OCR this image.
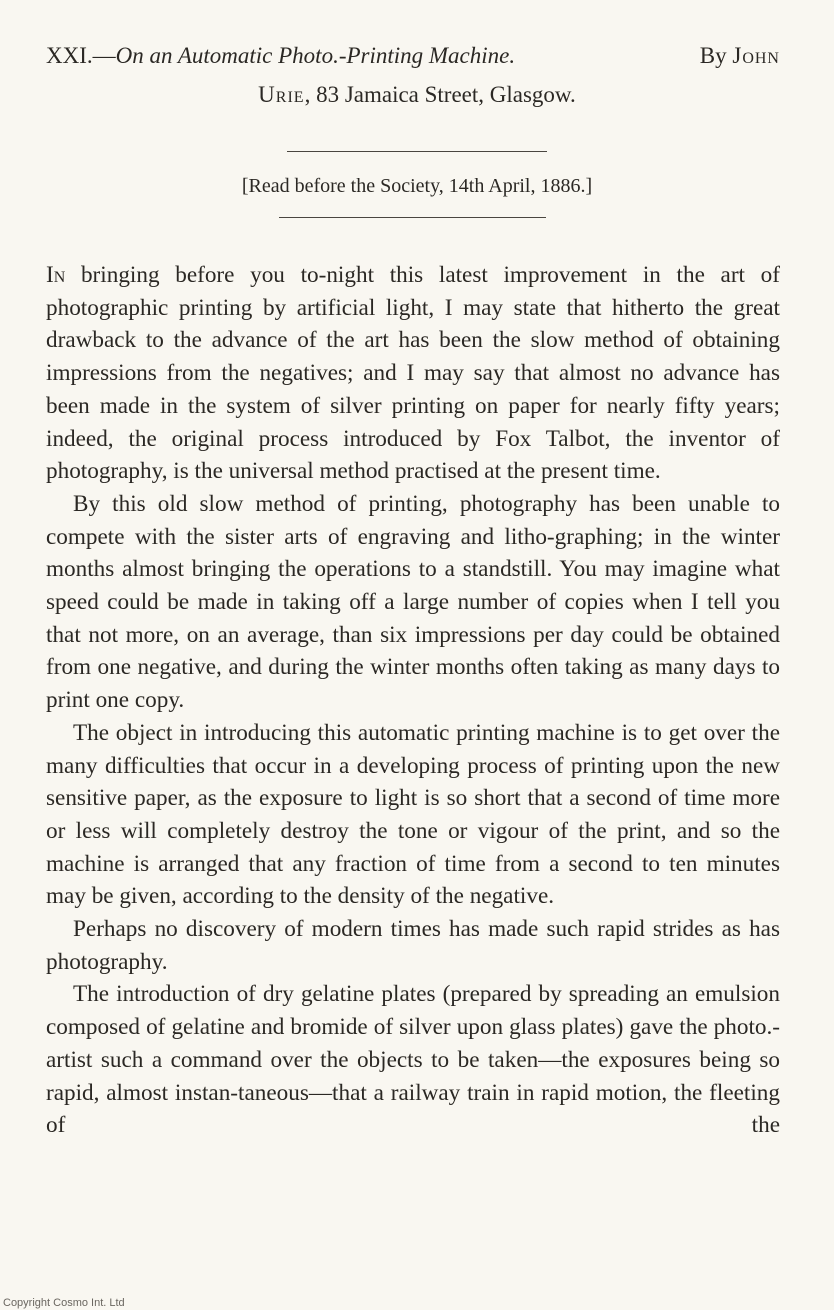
XXI.—On an Automatic Photo.-Printing Machine.	By John
Urie, 83 Jamaica Street, Glasgow.
[Read before the Society, 14th April, 1886.]

In bringing before you to-night this latest improvement in the art of photographic printing by artificial light, I may state that hitherto the great drawback to the advance of the art has been the slow method of obtaining impressions from the negatives; and I may say that almost no advance has been made in the system of silver printing on paper for nearly fifty years; indeed, the original process introduced by Fox Talbot, the inventor of photography, is the universal method practised at the present time.

By this old slow method of printing, photography has been unable to compete with the sister arts of engraving and litho-graphing; in the winter months almost bringing the operations to a standstill. You may imagine what speed could be made in taking off a large number of copies when I tell you that not more, on an average, than six impressions per day could be obtained from one negative, and during the winter months often taking as many days to print one copy.

The object in introducing this automatic printing machine is to get over the many difficulties that occur in a developing process of printing upon the new sensitive paper, as the exposure to light is so short that a second of time more or less will completely destroy the tone or vigour of the print, and so the machine is arranged that any fraction of time from a second to ten minutes may be given, according to the density of the negative.

Perhaps no discovery of modern times has made such rapid strides as has photography.

The introduction of dry gelatine plates (prepared by spreading an emulsion composed of gelatine and bromide of silver upon glass plates) gave the photo.-artist such a command over the objects to be taken—the exposures being so rapid, almost instan-taneous—that a railway train in rapid motion, the fleeting of the

Copyright Cosmo Int. Ltd
